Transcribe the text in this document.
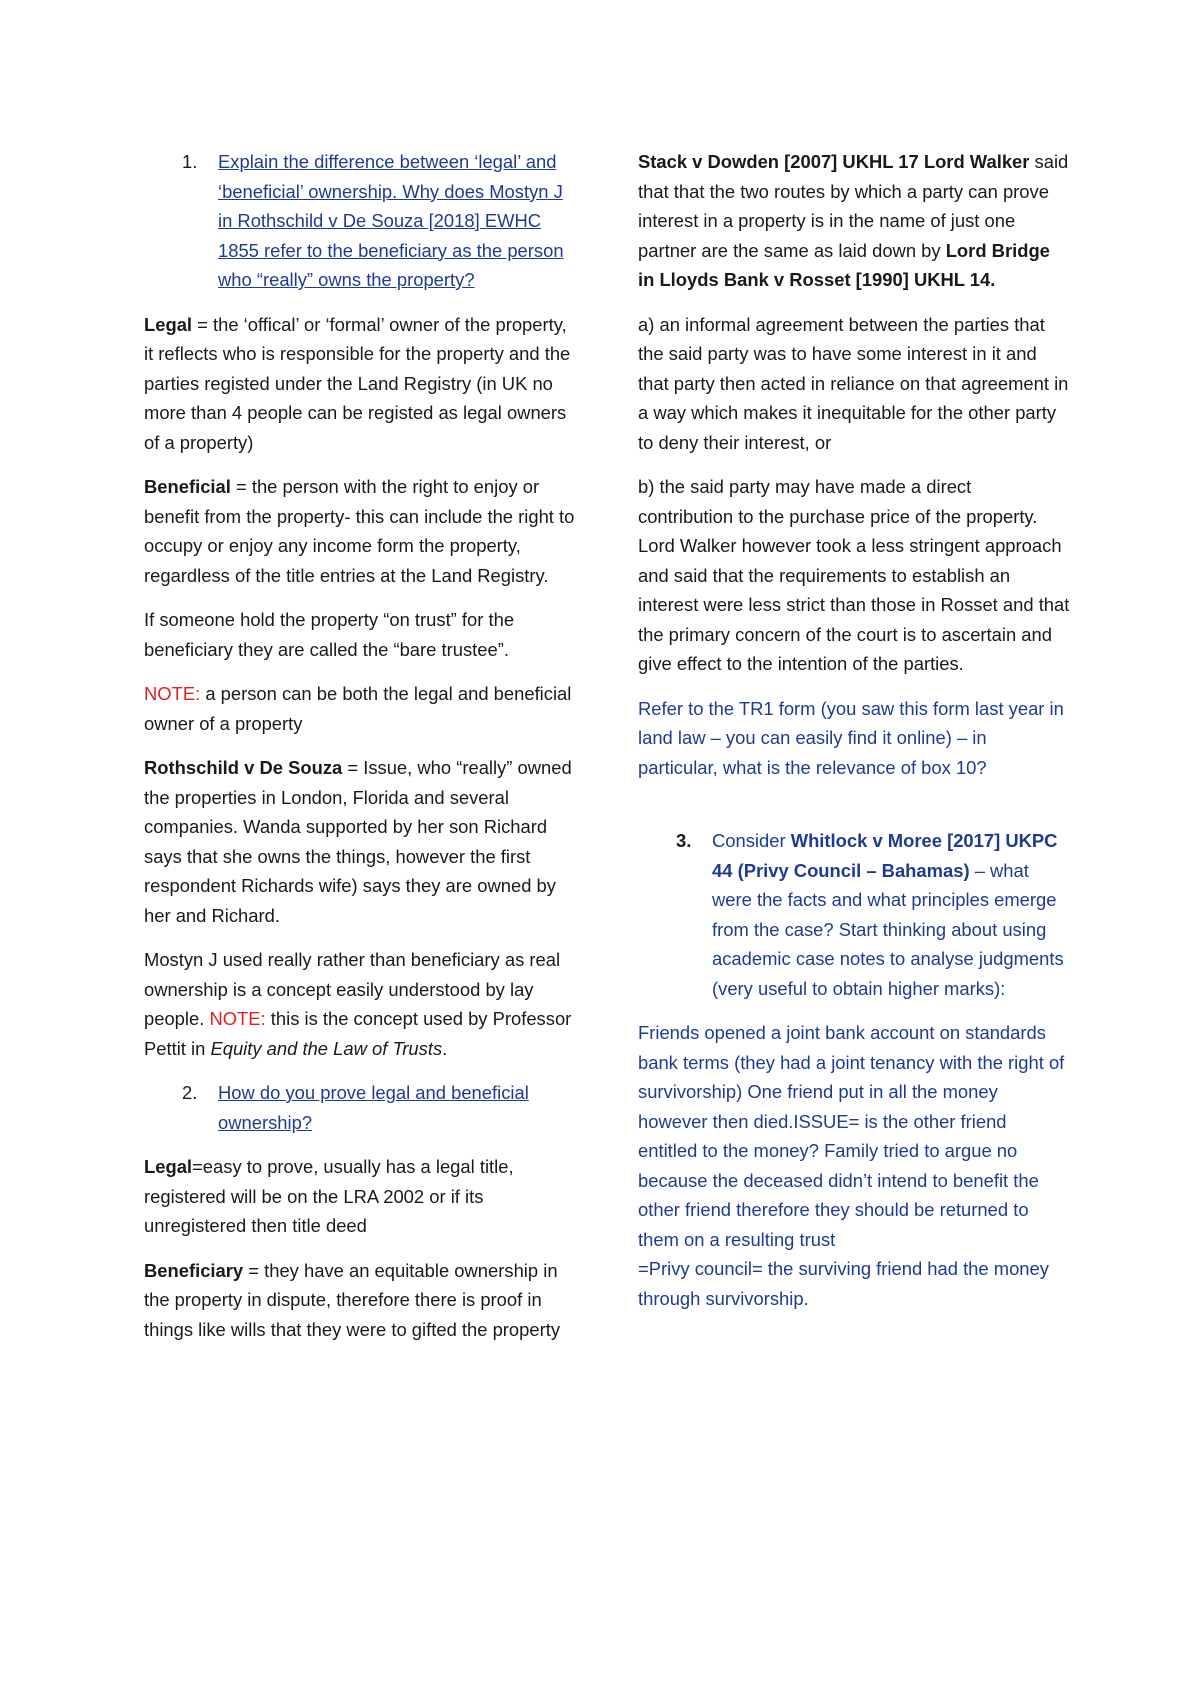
1.	Explain the difference between ‘legal’ and ‘beneficial’ ownership. Why does Mostyn J in Rothschild v De Souza [2018] EWHC 1855 refer to the beneficiary as the person who “really” owns the property?

Legal = the ‘offical’ or ‘formal’ owner of the property, it reflects who is responsible for the property and the parties registed under the Land Registry (in UK no more than 4 people can be registed as legal owners of a property)

Beneficial = the person with the right to enjoy or benefit from the property- this can include the right to occupy or enjoy any income form the property, regardless of the title entries at the Land Registry.

If someone hold the property “on trust” for the beneficiary they are called the “bare trustee”.

NOTE: a person can be both the legal and beneficial owner of a property

Rothschild v De Souza = Issue, who “really” owned the properties in London, Florida and several companies. Wanda supported by her son Richard says that she owns the things, however the first respondent Richards wife) says they are owned by her and Richard.

Mostyn J used really rather than beneficiary as real ownership is a concept easily understood by lay people. NOTE: this is the concept used by Professor Pettit in Equity and the Law of Trusts.

2.	How do you prove legal and beneficial ownership?

Legal=easy to prove, usually has a legal title, registered will be on the LRA 2002 or if its unregistered then title deed

Beneficiary = they have an equitable ownership in the property in dispute, therefore there is proof in things like wills that they were to gifted the property

Stack v Dowden [2007] UKHL 17 Lord Walker said that that the two routes by which a party can prove interest in a property is in the name of just one partner are the same as laid down by Lord Bridge in Lloyds Bank v Rosset [1990] UKHL 14.

a) an informal agreement between the parties that the said party was to have some interest in it and that party then acted in reliance on that agreement in a way which makes it inequitable for the other party to deny their interest, or

b) the said party may have made a direct contribution to the purchase price of the property. Lord Walker however took a less stringent approach and said that the requirements to establish an interest were less strict than those in Rosset and that the primary concern of the court is to ascertain and give effect to the intention of the parties.

Refer to the TR1 form (you saw this form last year in land law – you can easily find it online) – in particular, what is the relevance of box 10?

3.	Consider Whitlock v Moree [2017] UKPC 44 (Privy Council – Bahamas) – what were the facts and what principles emerge from the case? Start thinking about using academic case notes to analyse judgments (very useful to obtain higher marks):

Friends opened a joint bank account on standards bank terms (they had a joint tenancy with the right of survivorship) One friend put in all the money however then died.ISSUE= is the other friend entitled to the money? Family tried to argue no because the deceased didn’t intend to benefit the other friend therefore they should be returned to them on a resulting trust
=Privy council= the surviving friend had the money through survivorship.
